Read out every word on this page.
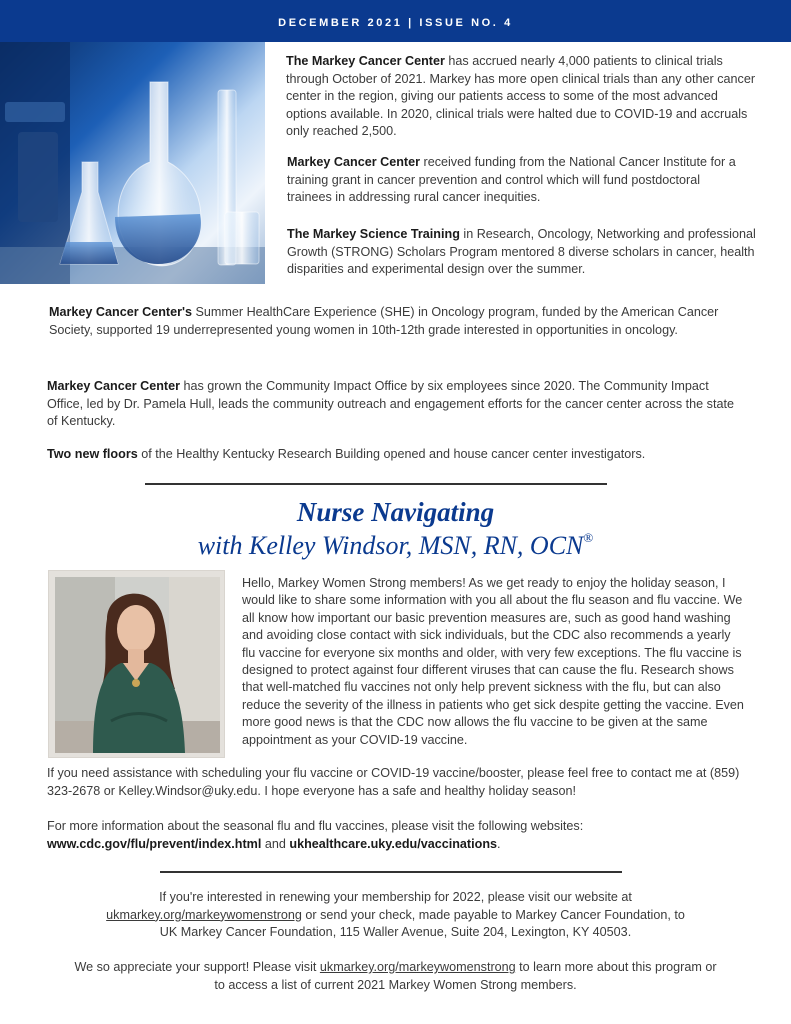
DECEMBER 2021 | ISSUE NO. 4

The Markey Cancer Center has accrued nearly 4,000 patients to clinical trials through October of 2021. Markey has more open clinical trials than any other cancer center in the region, giving our patients access to some of the most advanced options available. In 2020, clinical trials were halted due to COVID-19 and accruals only reached 2,500.

Markey Cancer Center received funding from the National Cancer Institute for a training grant in cancer prevention and control which will fund postdoctoral trainees in addressing rural cancer inequities.

The Markey Science Training in Research, Oncology, Networking and professional Growth (STRONG) Scholars Program mentored 8 diverse scholars in cancer, health disparities and experimental design over the summer.

Markey Cancer Center's Summer HealthCare Experience (SHE) in Oncology program, funded by the American Cancer Society, supported 19 underrepresented young women in 10th-12th grade interested in opportunities in oncology.

Markey Cancer Center has grown the Community Impact Office by six employees since 2020. The Community Impact Office, led by Dr. Pamela Hull, leads the community outreach and engagement efforts for the cancer center across the state of Kentucky.

Two new floors of the Healthy Kentucky Research Building opened and house cancer center investigators.

Nurse Navigating
with Kelley Windsor, MSN, RN, OCN®

Hello, Markey Women Strong members! As we get ready to enjoy the holiday season, I would like to share some information with you all about the flu season and flu vaccine. We all know how important our basic prevention measures are, such as good hand washing and avoiding close contact with sick individuals, but the CDC also recommends a yearly flu vaccine for everyone six months and older, with very few exceptions. The flu vaccine is designed to protect against four different viruses that can cause the flu. Research shows that well-matched flu vaccines not only help prevent sickness with the flu, but can also reduce the severity of the illness in patients who get sick despite getting the vaccine. Even more good news is that the CDC now allows the flu vaccine to be given at the same appointment as your COVID-19 vaccine.

If you need assistance with scheduling your flu vaccine or COVID-19 vaccine/booster, please feel free to contact me at (859) 323-2678 or Kelley.Windsor@uky.edu. I hope everyone has a safe and healthy holiday season!

For more information about the seasonal flu and flu vaccines, please visit the following websites:
www.cdc.gov/flu/prevent/index.html and ukhealthcare.uky.edu/vaccinations.

If you're interested in renewing your membership for 2022, please visit our website at
ukmarkey.org/markeywomenstrong or send your check, made payable to Markey Cancer Foundation, to
UK Markey Cancer Foundation, 115 Waller Avenue, Suite 204, Lexington, KY 40503.

We so appreciate your support! Please visit ukmarkey.org/markeywomenstrong to learn more about this program or
to access a list of current 2021 Markey Women Strong members.
